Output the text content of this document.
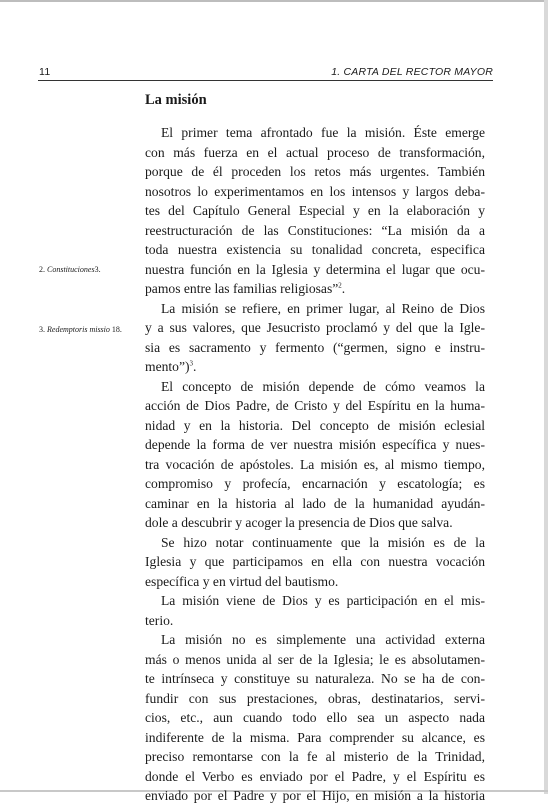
11	1. CARTA DEL RECTOR MAYOR
La misión
2. Constituciones3.
3. Redemptoris missio 18.
El primer tema afrontado fue la misión. Éste emerge
con más fuerza en el actual proceso de transformación,
porque de él proceden los retos más urgentes. También
nosotros lo experimentamos en los intensos y largos deba-
tes del Capítulo General Especial y en la elaboración y
reestructuración de las Constituciones: “La misión da a
toda nuestra existencia su tonalidad concreta, especifica
nuestra función en la Iglesia y determina el lugar que ocu-
pamos entre las familias religiosas”$^2$.
La misión se refiere, en primer lugar, al Reino de Dios
y a sus valores, que Jesucristo proclamó y del que la Igle-
sia es sacramento y fermento (“germen, signo e instru-
mento”)$^3$.
El concepto de misión depende de cómo veamos la
acción de Dios Padre, de Cristo y del Espíritu en la huma-
nidad y en la historia. Del concepto de misión eclesial
depende la forma de ver nuestra misión específica y nues-
tra vocación de apóstoles. La misión es, al mismo tiempo,
compromiso y profecía, encarnación y escatología; es
caminar en la historia al lado de la humanidad ayudán-
dole a descubrir y acoger la presencia de Dios que salva.
Se hizo notar continuamente que la misión es de la
Iglesia y que participamos en ella con nuestra vocación
específica y en virtud del bautismo.
La misión viene de Dios y es participación en el mis-
terio.
La misión no es simplemente una actividad externa
más o menos unida al ser de la Iglesia; le es absolutamen-
te intrínseca y constituye su naturaleza. No se ha de con-
fundir con sus prestaciones, obras, destinatarios, servi-
cios, etc., aun cuando todo ello sea un aspecto nada
indiferente de la misma. Para comprender su alcance, es
preciso remontarse con la fe al misterio de la Trinidad,
donde el Verbo es enviado por el Padre, y el Espíritu es
enviado por el Padre y por el Hijo, en misión a la historia
